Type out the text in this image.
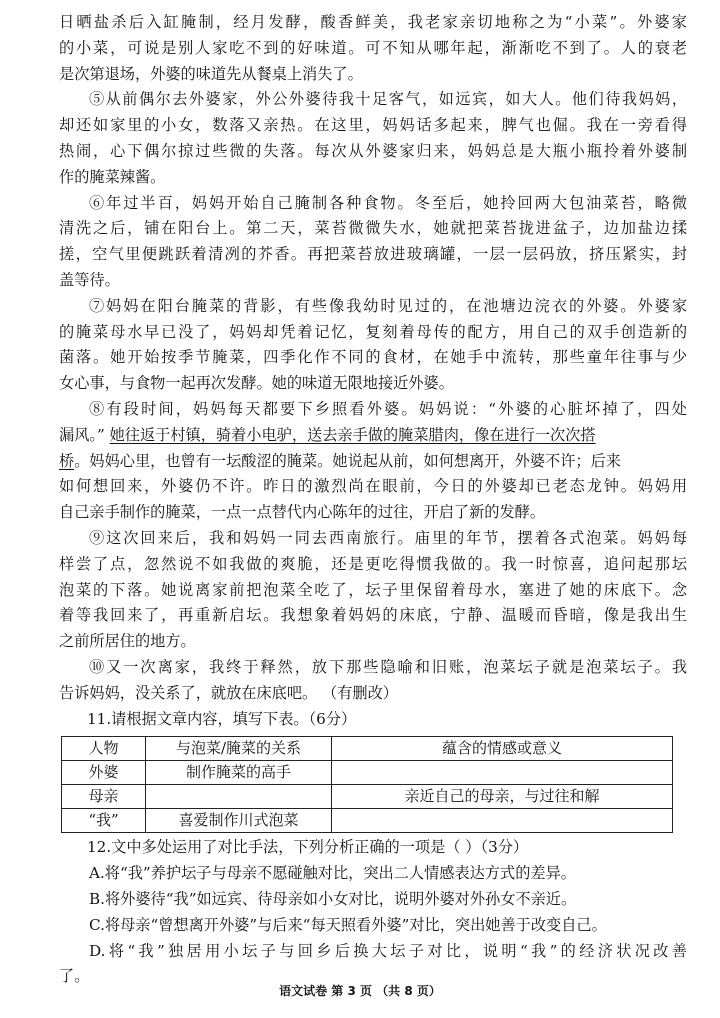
日晒盐杀后入缸腌制，经月发酵，酸香鲜美，我老家亲切地称之为“小菜”。外婆家
的小菜，可说是别人家吃不到的好味道。可不知从哪年起，渐渐吃不到了。人的衰老
是次第退场，外婆的味道先从餐桌上消失了。
⑤从前偶尔去外婆家，外公外婆待我十足客气，如远宾，如大人。他们待我妈妈，
却还如家里的小女，数落又亲热。在这里，妈妈话多起来，脾气也倔。我在一旁看得
热闹，心下偶尔掠过些微的失落。每次从外婆家归来，妈妈总是大瓶小瓶拎着外婆制
作的腌菜辣酱。
⑥年过半百，妈妈开始自己腌制各种食物。冬至后，她拎回两大包油菜苔，略微
清洗之后，铺在阳台上。第二天，菜苔微微失水，她就把菜苔拢进盆子，边加盐边揉
搓，空气里便跳跃着清冽的芥香。再把菜苔放进玻璃罐，一层一层码放，挤压紧实，封
盖等待。
⑦妈妈在阳台腌菜的背影，有些像我幼时见过的，在池塘边浣衣的外婆。外婆家
的腌菜母水早已没了，妈妈却凭着记忆，复刻着母传的配方，用自己的双手创造新的
菌落。她开始按季节腌菜，四季化作不同的食材，在她手中流转，那些童年往事与少
女心事，与食物一起再次发酵。她的味道无限地接近外婆。
⑧有段时间，妈妈每天都要下乡照看外婆。妈妈说：“外婆的心脏坏掉了，四处
漏风。” 她往返于村镇，骑着小电驴，送去亲手做的腌菜腊肉，像在进行一次次搭
桥。妈妈心里，也曾有一坛酸涩的腌菜。她说起从前，如何想离开，外婆不许；后来
如何想回来，外婆仍不许。昨日的激烈尚在眼前，今日的外婆却已老态龙钟。妈妈用
自己亲手制作的腌菜，一点一点替代内心陈年的过往，开启了新的发酵。
⑨这次回来后，我和妈妈一同去西南旅行。庙里的年节，摆着各式泡菜。妈妈每
样尝了点，忽然说不如我做的爽脆，还是更吃得惯我做的。我一时惊喜，追问起那坛
泡菜的下落。她说离家前把泡菜全吃了，坛子里保留着母水，塞进了她的床底下。念
着等我回来了，再重新启坛。我想象着妈妈的床底，宁静、温暖而昏暗，像是我出生
之前所居住的地方。
⑩又一次离家，我终于释然，放下那些隐喻和旧账，泡菜坛子就是泡菜坛子。我
告诉妈妈，没关系了，就放在床底吧。 （有删改）
11.请根据文章内容，填写下表。（6分）
人物	与泡菜/腌菜的关系	蕴含的情感或意义
外婆	制作腌菜的高手	
母亲		亲近自己的母亲，与过往和解
“我”	喜爱制作川式泡菜	
12.文中多处运用了对比手法，下列分析正确的一项是（ ）（3分）
A.将“我”养护坛子与母亲不愿碰触对比，突出二人情感表达方式的差异。
B.将外婆待“我”如远宾、待母亲如小女对比，说明外婆对外孙女不亲近。
C.将母亲“曾想离开外婆”与后来“每天照看外婆”对比，突出她善于改变自己。
D.将“我”独居用小坛子与回乡后换大坛子对比，说明“我”的经济状况改善
了。
语文试卷 第 3 页 （共 8 页）
